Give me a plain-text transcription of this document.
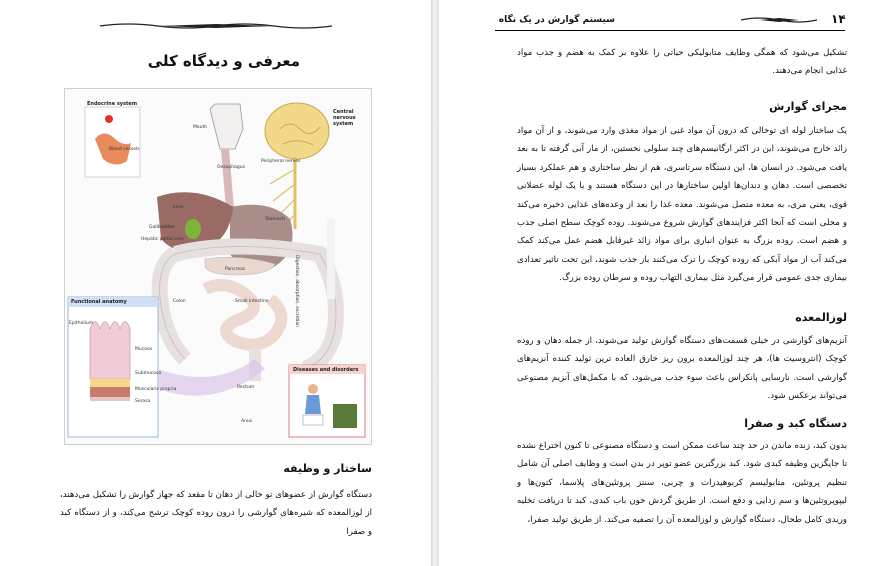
معرفی و دیدگاه کلی
Endocrine system
Blood vessels
Central nervous system
Mouth
Oesophagus
Peripheral nerves
Liver
Stomach
Gallbladder
Hepatic portal vein
Pancreas
Colon	Small intestine
Rectum
Anus
Functional anatomy
Epithelium
Mucosa
Submucosa
Muscularis propria
Serosa
Diseases and disorders
Digestion, absorption, excretion
ساختار و وظیفه
دستگاه گوارش از عضوهای تو خالی از دهان تا مقعد که جهاز گوارش را تشکیل می‌دهند، از لوزالمعده که شیره‌های گوارشی را درون روده کوچک ترشح می‌کند، و از دستگاه کبد و صفرا
۱۴
سیستم گوارش در یک نگاه
تشکیل می‌شود که همگی وظایف متابولیکی حیاتی را علاوه بر کمک به هضم و جذب مواد غذایی انجام می‌دهند.
مجرای گوارش
یک ساختار لوله ای توخالی که درون آن مواد غنی از مواد مغذی وارد می‌شوند، و از آن مواد زائد خارج می‌شوند، این در اکثر ارگانیسم‌های چند سلولی نخستین، از مار آبی گرفته تا به بعد یافت می‌شود. در انسان ها، این دستگاه سرتاسری، هم از نظر ساختاری و هم عملکرد بسیار تخصصی است. دهان و دندان‌ها اولین ساختارها در این دستگاه هستند و با یک لوله عضلانی قوی، یعنی مری، به معده متصل می‌شوند. معده غذا را بعد از وعده‌های غذایی ذخیره می‌کند و محلی است که آنجا اکثر فرایندهای گوارش شروع می‌شوند. روده کوچک سطح اصلی جذب و هضم است. روده بزرگ به عنوان انباری برای مواد زائد غیرقابل هضم عمل می‌کند کمک می‌کند آب از مواد آبکی که روده کوچک را ترک می‌کنند باز جذب شوند، این تحت تاثیر تعدادی بیماری جدی عمومی قرار می‌گیرد مثل بیماری التهاب روده و سرطان روده بزرگ.
لوزالمعده
آنزیم‌های گوارشی در خیلی قسمت‌های دستگاه گوارش تولید می‌شوند، از جمله دهان و روده کوچک (انتروسیت ها)، هر چند لوزالمعده برون ریز خارق العاده ترین تولید کننده آنزیم‌های گوارشی است. نارسایی پانکراس باعث سوء جذب می‌شود، که با مکمل‌های آنزیم مصنوعی می‌تواند برعکس شود.
دستگاه کبد و صفرا
بدون کبد، زنده ماندن در حد چند ساعت ممکن است و دستگاه مصنوعی تا کنون اختراع نشده تا جایگزین وظیفه کبدی شود. کبد بزرگترین عضو توپر در بدن است و وظایف اصلی آن شامل تنظیم پروتئین، متابولیسم کربوهیدرات و چربی، سنتز پروتئین‌های پلاسما، کتون‌ها و لیپوپروتئین‌ها و سم زدایی و دفع است. از طریق گردش خون باب کبدی، کبد تا دریافت تخلیه وریدی کامل طحال، دستگاه گوارش و لوزالمعده آن را تصفیه می‌کند. از طریق تولید صفرا،
